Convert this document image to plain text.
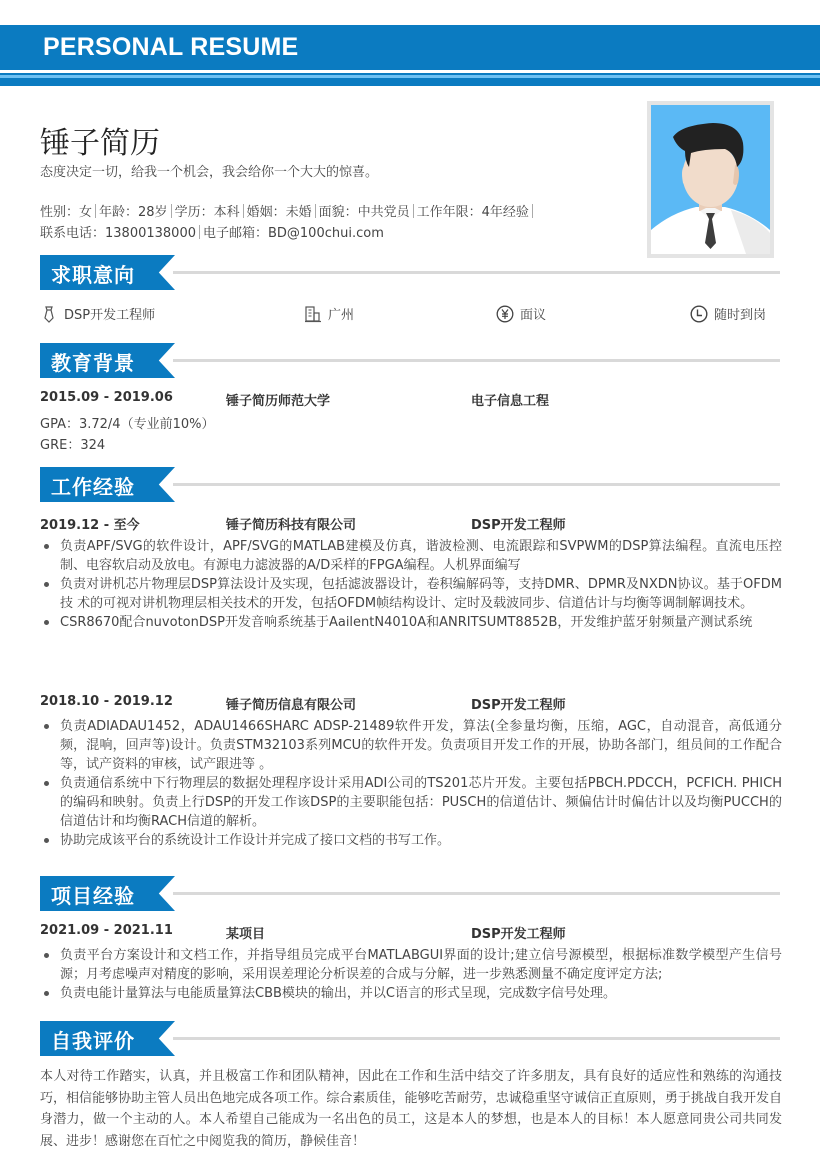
PERSONAL RESUME
锤子简历
态度决定一切，给我一个机会，我会给你一个大大的惊喜。
性别：女 年龄：28岁 学历：本科 婚姻：未婚 面貌：中共党员 工作年限：4年经验
联系电话：13800138000 电子邮箱：BD@100chui.com
求职意向
DSP开发工程师	广州	面议	随时到岗
教育背景
2015.09 - 2019.06	锤子简历师范大学	电子信息工程
GPA：3.72/4（专业前10%）
GRE：324
工作经验
2019.12 - 至今	锤子简历科技有限公司	DSP开发工程师
负责APF/SVG的软件设计，APF/SVG的MATLAB建模及仿真，谐波检测、电流跟踪和SVPWM的DSP算法编程。直流电压控制、电容软启动及放电。有源电力滤波器的A/D采样的FPGA编程。人机界面编写
负责对讲机芯片物理层DSP算法设计及实现，包括滤波器设计，卷积编解码等，支持DMR、DPMR及NXDN协议。基于OFDM技 术的可视对讲机物理层相关技术的开发，包括OFDM帧结构设计、定时及载波同步、信道估计与均衡等调制解调技术。
CSR8670配合nuvotonDSP开发音响系统基于AailentN4010A和ANRITSUMT8852B，开发维护蓝牙射频量产测试系统
2018.10 - 2019.12	锤子简历信息有限公司	DSP开发工程师
负责ADIADAU1452，ADAU1466SHARC ADSP-21489软件开发，算法(全参量均衡，压缩，AGC，自动混音，高低通分 频，混响，回声等)设计。负责STM32103系列MCU的软件开发。负责项目开发工作的开展，协助各部门，组员间的工作配合等，试产资料的审核，试产跟进等 。
负责通信系统中下行物理层的数据处理程序设计采用ADI公司的TS201芯片开发。主要包括PBCH.PDCCH，PCFICH. PHICH的编码和映射。负责上行DSP的开发工作该DSP的主要职能包括：PUSCH的信道估计、频偏估计时偏估计以及均衡PUCCH的信道估计和均衡RACH信道的解析。
协助完成该平台的系统设计工作设计并完成了接口文档的书写工作。
项目经验
2021.09 - 2021.11	某项目	DSP开发工程师
负责平台方案设计和文档工作，并指导组员完成平台MATLABGUI界面的设计;建立信号源模型，根据标准数学模型产生信号源；月考虑噪声对精度的影响，采用误差理论分析误差的合成与分解，进一步熟悉测量不确定度评定方法;
负责电能计量算法与电能质量算法CBB模块的输出，并以C语言的形式呈现，完成数字信号处理。
自我评价
本人对待工作踏实，认真，并且极富工作和团队精神，因此在工作和生活中结交了许多朋友，具有良好的适应性和熟练的沟通技巧，相信能够协助主管人员出色地完成各项工作。综合素质佳，能够吃苦耐劳，忠诚稳重坚守诚信正直原则，勇于挑战自我开发自身潜力，做一个主动的人。本人希望自己能成为一名出色的员工，这是本人的梦想，也是本人的目标！本人愿意同贵公司共同发展、进步！感谢您在百忙之中阅览我的简历，静候佳音！
